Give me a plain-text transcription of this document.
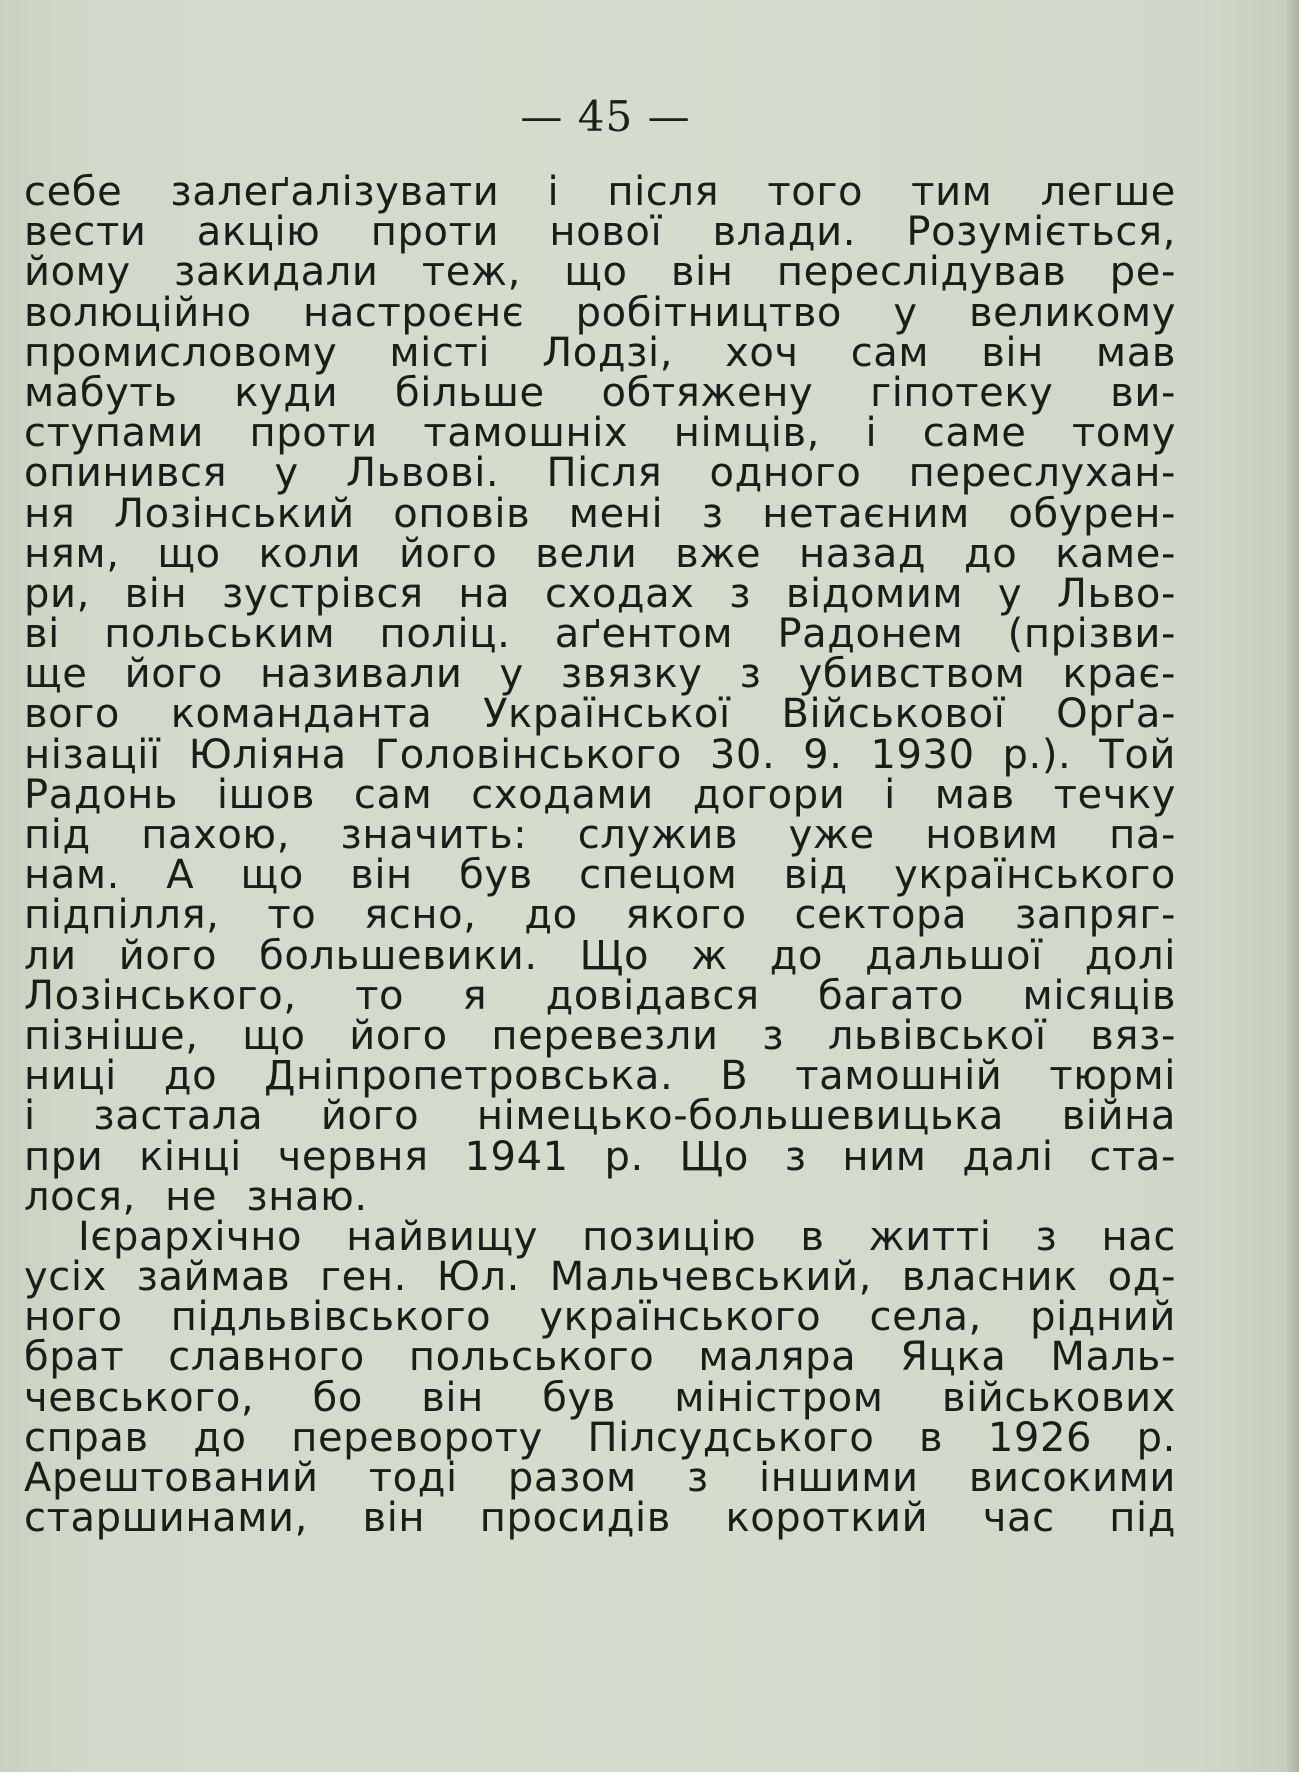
— 45 —
себе залеґалізувати і після того тим легше
вести акцію проти нової влади. Розуміється,
йому закидали теж, що він переслідував ре-
волюційно настроєнє робітництво у великому
промисловому місті Лодзі, хоч сам він мав
мабуть куди більше обтяжену гіпотеку ви-
ступами проти тамошніх німців, і саме тому
опинився у Львові. Після одного переслухан-
ня Лозінський оповів мені з нетаєним обурен-
ням, що коли його вели вже назад до каме-
ри, він зустрівся на сходах з відомим у Льво-
ві польським поліц. аґентом Радонем (прізви-
ще його називали у звязку з убивством крає-
вого команданта Української Військової Орґа-
нізації Юліяна Головінського 30. 9. 1930 р.). Той
Радонь ішов сам сходами догори і мав течку
під пахою, значить: служив уже новим па-
нам. А що він був спецом від українського
підпілля, то ясно, до якого сектора запряг-
ли його большевики. Що ж до дальшої долі
Лозінського, то я довідався багато місяців
пізніше, що його перевезли з львівської вяз-
ниці до Дніпропетровська. В тамошній тюрмі
і застала його німецько-большевицька війна
при кінці червня 1941 р. Що з ним далі ста-
лося, не знаю.
Ієрархічно найвищу позицію в житті з нас
усіх займав ген. Юл. Мальчевський, власник од-
ного підльвівського українського села, рідний
брат славного польського маляра Яцка Маль-
чевського, бо він був міністром військових
справ до перевороту Пілсудського в 1926 р.
Арештований тоді разом з іншими високими
старшинами, він просидів короткий час під
